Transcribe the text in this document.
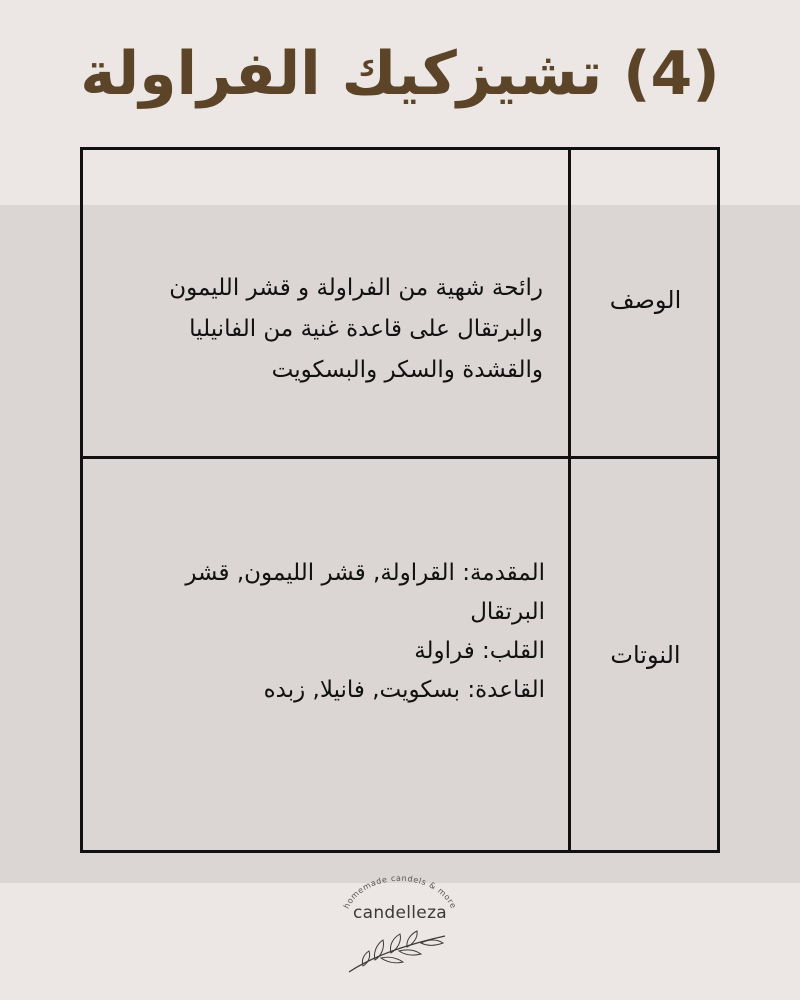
(4) تشيزكيك الفراولة
الوصف
رائحة شهية من الفراولة و قشر الليمون
والبرتقال على قاعدة غنية من الفانيليا
والقشدة والسكر والبسكويت
النوتات
المقدمة: القراولة, قشر الليمون, قشر
البرتقال
القلب: فراولة
القاعدة: بسكويت, فانيلا, زبده
homemade candels & more
candelleza
